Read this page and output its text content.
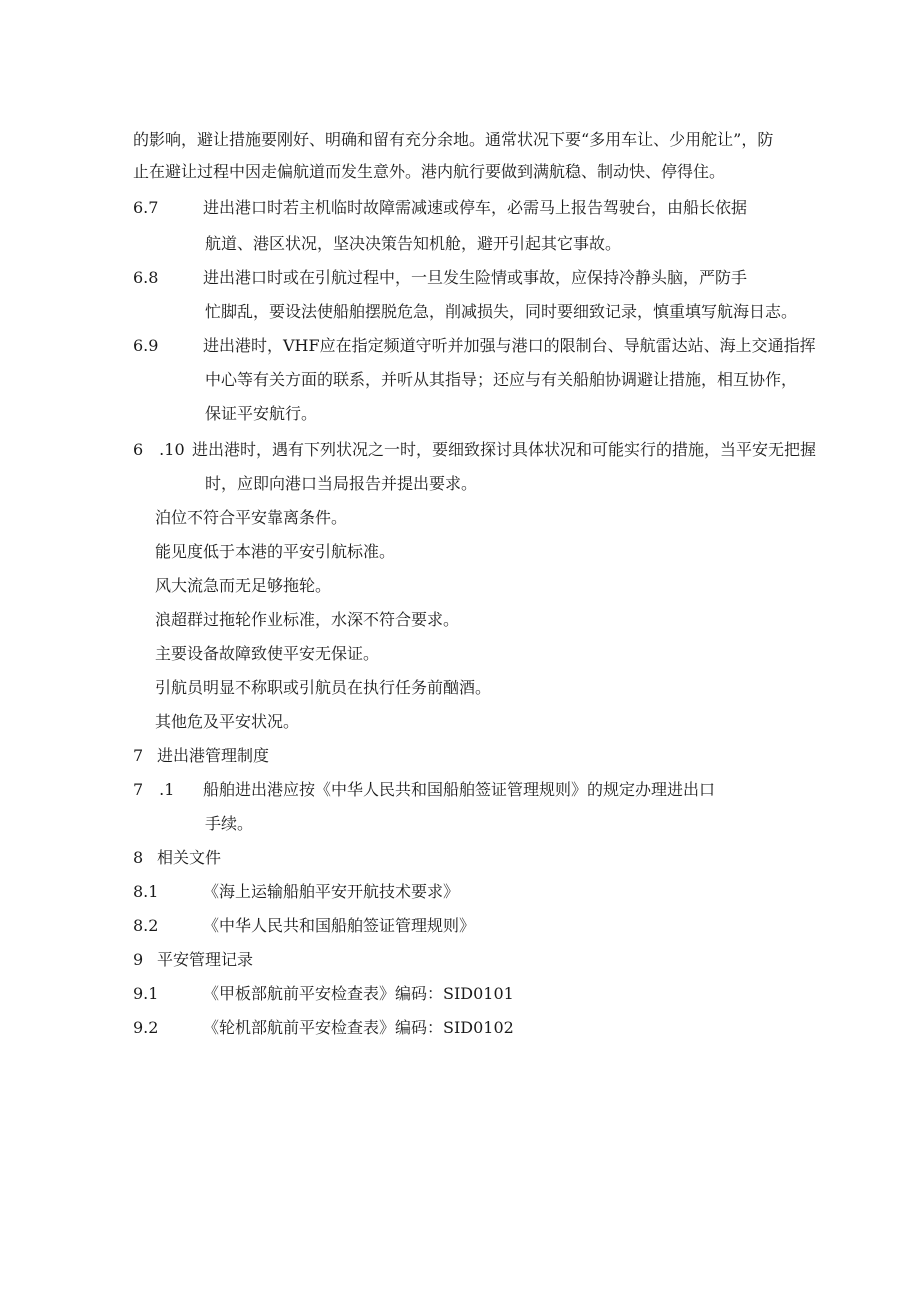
的影响，避让措施要刚好、明确和留有充分余地。通常状况下要“多用车让、少用舵让”，防
止在避让过程中因走偏航道而发生意外。港内航行要做到满航稳、制动快、停得住。
6.7	进出港口时若主机临时故障需减速或停车，必需马上报告驾驶台，由船长依据
航道、港区状况，坚决决策告知机舱，避开引起其它事故。
6.8	进出港口时或在引航过程中，一旦发生险情或事故，应保持冷静头脑，严防手
忙脚乱，要设法使船舶摆脱危急，削减损失，同时要细致记录，慎重填写航海日志。
6.9	进出港时，VHF应在指定频道守听并加强与港口的限制台、导航雷达站、海上交通指挥
中心等有关方面的联系，并听从其指导；还应与有关船舶协调避让措施，相互协作，
保证平安航行。
6　.10 进出港时，遇有下列状况之一时，要细致探讨具体状况和可能实行的措施，当平安无把握
时，应即向港口当局报告并提出要求。
泊位不符合平安靠离条件。
能见度低于本港的平安引航标准。
风大流急而无足够拖轮。
浪超群过拖轮作业标准，水深不符合要求。
主要设备故障致使平安无保证。
引航员明显不称职或引航员在执行任务前酗酒。
其他危及平安状况。
7 进出港管理制度
7　.1 船舶进出港应按《中华人民共和国船舶签证管理规则》的规定办理进出口
手续。
8 相关文件
8.1	《海上运输船舶平安开航技术要求》
8.2	《中华人民共和国船舶签证管理规则》
9 平安管理记录
9.1	《甲板部航前平安检查表》编码：SID0101
9.2	《轮机部航前平安检查表》编码：SID0102
